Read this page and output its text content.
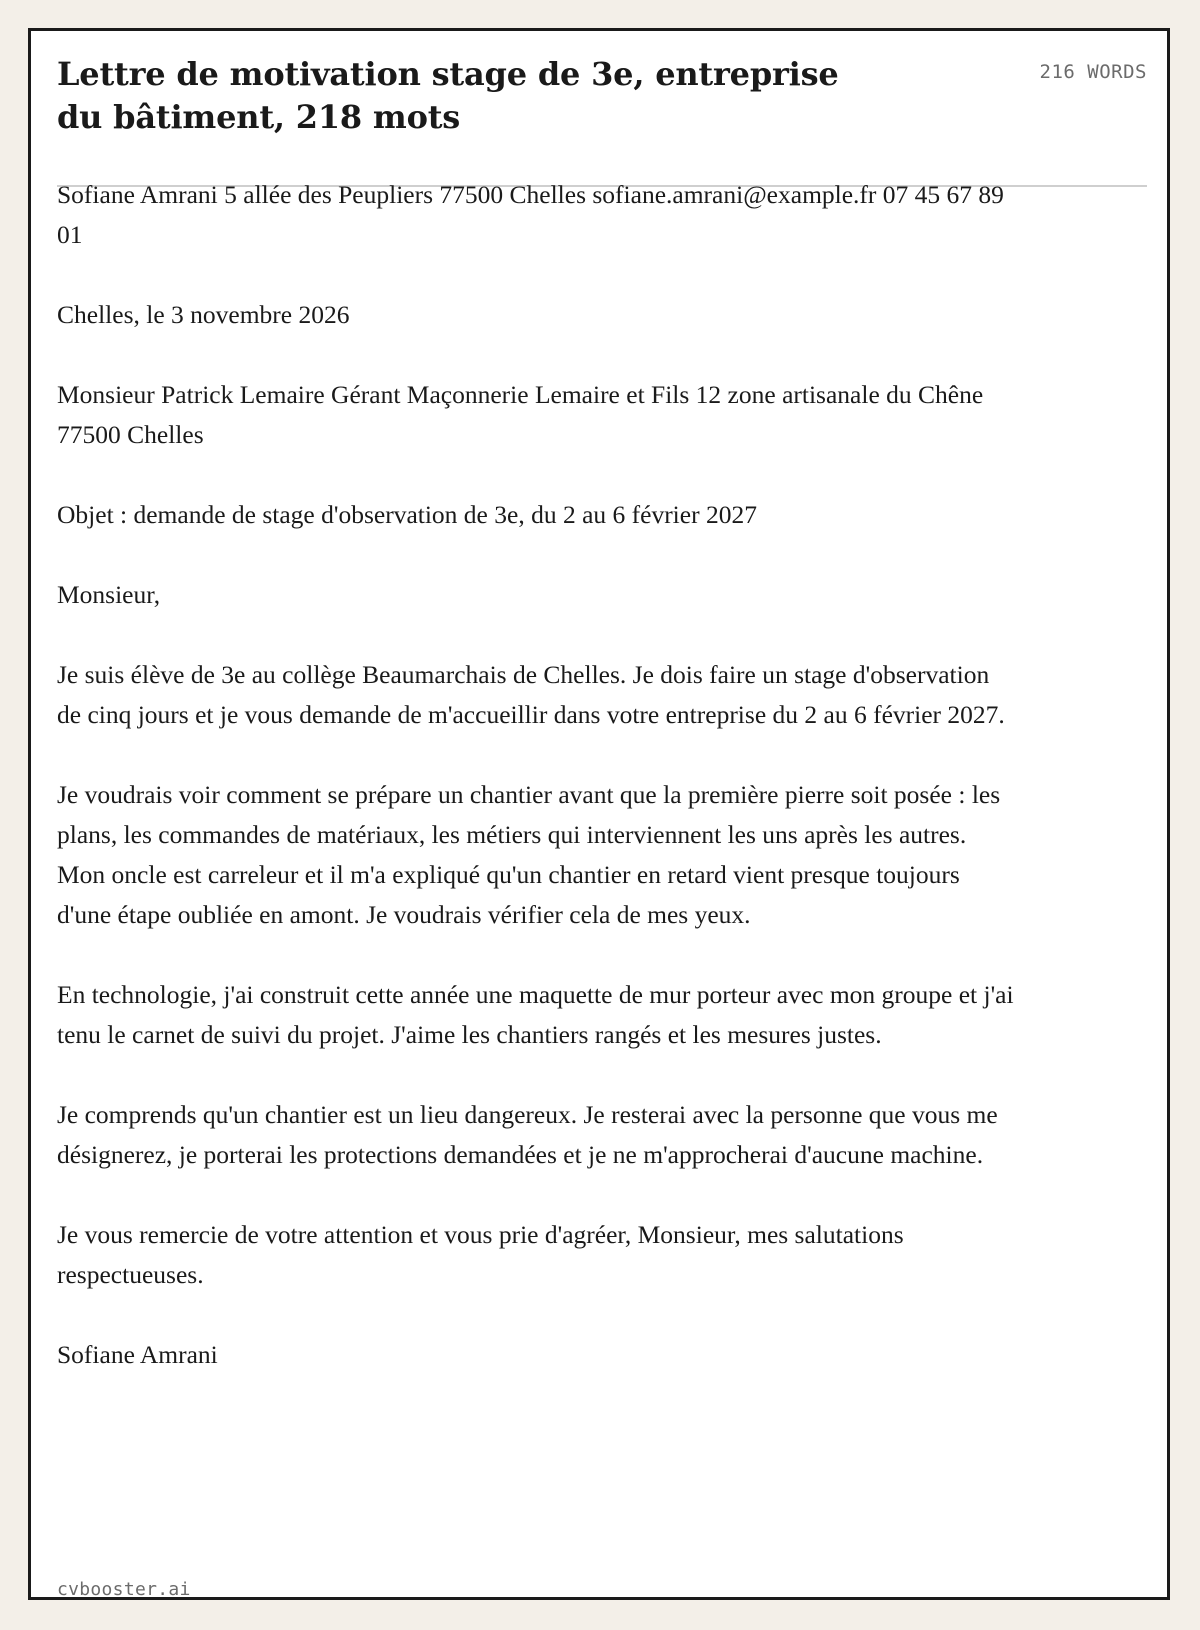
Lettre de motivation stage de 3e, entreprise du bâtiment, 218 mots
216 WORDS

Sofiane Amrani 5 allée des Peupliers 77500 Chelles sofiane.amrani@example.fr 07 45 67 89 01

Chelles, le 3 novembre 2026

Monsieur Patrick Lemaire Gérant Maçonnerie Lemaire et Fils 12 zone artisanale du Chêne 77500 Chelles

Objet : demande de stage d'observation de 3e, du 2 au 6 février 2027

Monsieur,

Je suis élève de 3e au collège Beaumarchais de Chelles. Je dois faire un stage d'observation de cinq jours et je vous demande de m'accueillir dans votre entreprise du 2 au 6 février 2027.

Je voudrais voir comment se prépare un chantier avant que la première pierre soit posée : les plans, les commandes de matériaux, les métiers qui interviennent les uns après les autres. Mon oncle est carreleur et il m'a expliqué qu'un chantier en retard vient presque toujours d'une étape oubliée en amont. Je voudrais vérifier cela de mes yeux.

En technologie, j'ai construit cette année une maquette de mur porteur avec mon groupe et j'ai tenu le carnet de suivi du projet. J'aime les chantiers rangés et les mesures justes.

Je comprends qu'un chantier est un lieu dangereux. Je resterai avec la personne que vous me désignerez, je porterai les protections demandées et je ne m'approcherai d'aucune machine.

Je vous remercie de votre attention et vous prie d'agréer, Monsieur, mes salutations respectueuses.

Sofiane Amrani

cvbooster.ai
